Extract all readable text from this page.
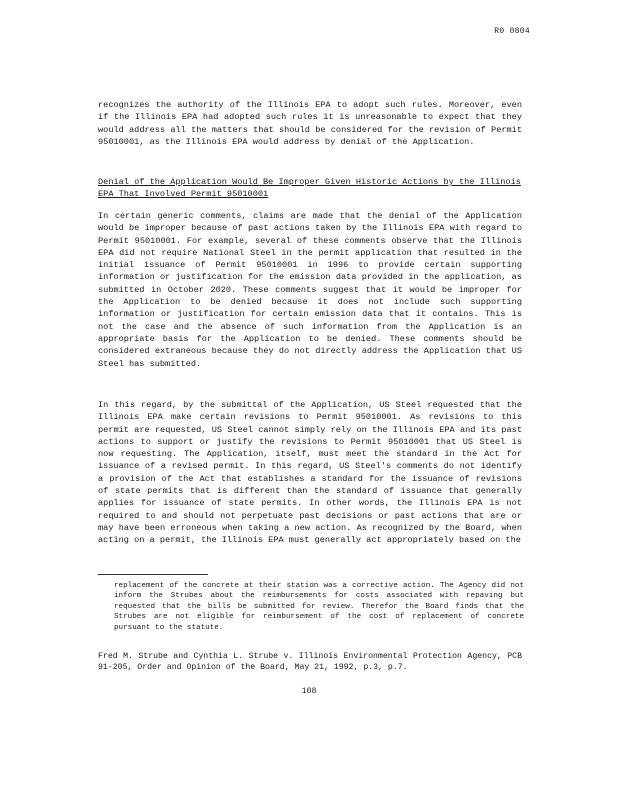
R0 0804

recognizes the authority of the Illinois EPA to adopt such rules. Moreover, even if the Illinois EPA had adopted such rules it is unreasonable to expect that they would address all the matters that should be considered for the revision of Permit 95010001, as the Illinois EPA would address by denial of the Application.

Denial of the Application Would Be Improper Given Historic Actions by the Illinois EPA That Involved Permit 95010001

In certain generic comments, claims are made that the denial of the Application would be improper because of past actions taken by the Illinois EPA with regard to Permit 95010001. For example, several of these comments observe that the Illinois EPA did not require National Steel in the permit application that resulted in the initial issuance of Permit 95010001 in 1996 to provide certain supporting information or justification for the emission data provided in the application, as submitted in October 2020. These comments suggest that it would be improper for the Application to be denied because it does not include such supporting information or justification for certain emission data that it contains. This is not the case and the absence of such information from the Application is an appropriate basis for the Application to be denied. These comments should be considered extraneous because they do not directly address the Application that US Steel has submitted.

In this regard, by the submittal of the Application, US Steel requested that the Illinois EPA make certain revisions to Permit 95010001. As revisions to this permit are requested, US Steel cannot simply rely on the Illinois EPA and its past actions to support or justify the revisions to Permit 95010001 that US Steel is now requesting. The Application, itself, must meet the standard in the Act for issuance of a revised permit. In this regard, US Steel's comments do not identify a provision of the Act that establishes a standard for the issuance of revisions of state permits that is different than the standard of issuance that generally applies for issuance of state permits. In other words, the Illinois EPA is not required to and should not perpetuate past decisions or past actions that are or may have been erroneous when taking a new action. As recognized by the Board, when acting on a permit, the Illinois EPA must generally act appropriately based on the

replacement of the concrete at their station was a corrective action. The Agency did not inform the Strubes about the reimbursements for costs associated with repaving but requested that the bills be submitted for review. Therefor the Board finds that the Strubes are not eligible for reimbursement of the cost of replacement of concrete pursuant to the statute.

Fred M. Strube and Cynthia L. Strube v. Illinois Environmental Protection Agency, PCB 91-205, Order and Opinion of the Board, May 21, 1992, p.3, p.7.

108
